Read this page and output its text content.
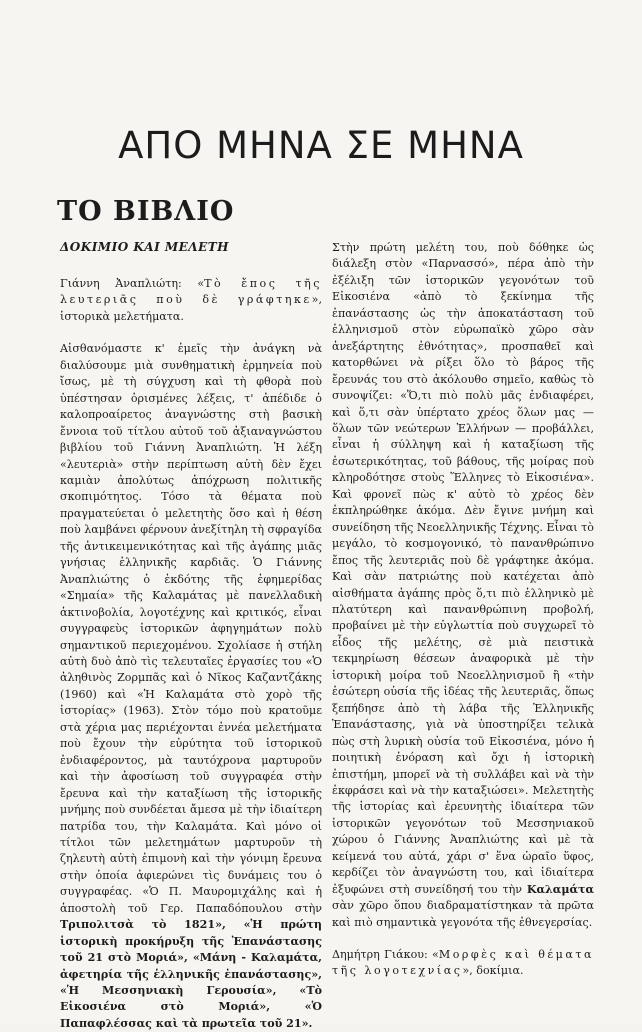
ΑΠΟ ΜΗΝΑ ΣΕ ΜΗΝΑ
ΤΟ ΒΙΒΛΙΟ
ΔΟΚΙΜΙΟ ΚΑΙ ΜΕΛΕΤΗ

Γιάννη Ἀναπλιώτη: «Τὸ ἔπος τῆς λευτεριᾶς ποὺ δὲ γράφτηκε», ἱστορικὰ μελετήματα.

Αἰσθανόμαστε κ' ἐμεῖς τὴν ἀνάγκη νὰ διαλύσουμε μιὰ συνθηματικὴ ἑρμηνεία ποὺ ἴσως, μὲ τὴ σύγχυση καὶ τὴ φθορὰ ποὺ ὑπέστησαν ὁρισμένες λέξεις, τ' ἀπέδιδε ὁ καλοπροαίρετος ἀναγνώστης στὴ βασικὴ ἔννοια τοῦ τίτλου αὐτοῦ τοῦ ἀξιαναγνώστου βιβλίου τοῦ Γιάννη Ἀναπλιώτη. Ἡ λέξη «λευτεριὰ» στὴν περίπτωση αὐτὴ δὲν ἔχει καμιὰν ἀπολύτως ἀπόχρωση πολιτικῆς σκοπιμότητος. Τόσο τὰ θέματα ποὺ πραγματεύεται ὁ μελετητὴς ὅσο καὶ ἡ θέση ποὺ λαμβάνει φέρνουν ἀνεξίτηλη τὴ σφραγίδα τῆς ἀντικειμενικότητας καὶ τῆς ἀγάπης μιᾶς γνήσιας ἑλληνικῆς καρδιᾶς. Ὁ Γιάννης Ἀναπλιώτης ὁ ἐκδότης τῆς ἐφημερίδας «Σημαία» τῆς Καλαμάτας μὲ πανελλαδικὴ ἀκτινοβολία, λογοτέχνης καὶ κριτικός, εἶναι συγγραφεὺς ἱστορικῶν ἀφηγημάτων πολὺ σημαντικοῦ περιεχομένου. Σχολίασε ἡ στήλη αὐτὴ δυὸ ἀπὸ τὶς τελευταῖες ἐργασίες του «Ὁ ἀληθινὸς Ζορμπᾶς καὶ ὁ Νῖκος Καζαντζάκης (1960) καὶ «Ἡ Καλαμάτα στὸ χορὸ τῆς ἱστορίας» (1963). Στὸν τόμο ποὺ κρατοῦμε στὰ χέρια μας περιέχονται ἐννέα μελετήματα ποὺ ἔχουν τὴν εὐρύτητα τοῦ ἱστορικοῦ ἐνδιαφέροντος, μὰ ταυτόχρονα μαρτυροῦν καὶ τὴν ἀφοσίωση τοῦ συγγραφέα στὴν ἔρευνα καὶ τὴν καταξίωση τῆς ἱστορικῆς μνήμης ποὺ συνδέεται ἄμεσα μὲ τὴν ἰδιαίτερη πατρίδα του, τὴν Καλαμάτα. Καὶ μόνο οἱ τίτλοι τῶν μελετημάτων μαρτυροῦν τὴ ζηλευτὴ αὐτὴ ἐπιμονὴ καὶ τὴν γόνιμη ἔρευνα στὴν ὁποία ἀφιερώνει τὶς δυνάμεις του ὁ συγγραφέας. «Ὁ Π. Μαυρομιχάλης καὶ ἡ ἀποστολὴ τοῦ Γερ. Παπαδόπουλου στὴν Τριπολιτσὰ τὸ 1821», «Ἡ πρώτη ἱστορικὴ προκήρυξη τῆς Ἐπανάστασης τοῦ 21 στὸ Μοριά», «Μάνη - Καλαμάτα, ἀφετηρία τῆς ἑλληνικῆς ἐπανάστασης», «Ἡ Μεσσηνιακὴ Γερουσία», «Τὸ Εἰκοσιένα στὸ Μοριά», «Ὁ Παπαφλέσσας καὶ τὰ πρωτεῖα τοῦ 21».

Στὴν πρώτη μελέτη του, ποὺ δόθηκε ὡς διάλεξη στὸν «Παρνασσό», πέρα ἀπὸ τὴν ἐξέλιξη τῶν ἱστορικῶν γεγονότων τοῦ Εἰκοσιένα «ἀπὸ τὸ ξεκίνημα τῆς ἐπανάστασης ὡς τὴν ἀποκατάσταση τοῦ ἑλληνισμοῦ στὸν εὐρωπαϊκὸ χῶρο σὰν ἀνεξάρτητης ἐθνότητας», προσπαθεῖ καὶ κατορθώνει νὰ ρίξει ὅλο τὸ βάρος τῆς ἔρευνάς του στὸ ἀκόλουθο σημεῖο, καθὼς τὸ συνοψίζει: «Ὅ,τι πιὸ πολὺ μᾶς ἐνδιαφέρει, καὶ ὅ,τι σὰν ὑπέρτατο χρέος ὅλων μας — ὅλων τῶν νεώτερων Ἑλλήνων — προβάλλει, εἶναι ἡ σύλληψη καὶ ἡ καταξίωση τῆς ἐσωτερικότητας, τοῦ βάθους, τῆς μοίρας ποὺ κληροδότησε στοὺς Ἕλληνες τὸ Εἰκοσιένα». Καὶ φρονεῖ πὼς κ' αὐτὸ τὸ χρέος δὲν ἐκπληρώθηκε ἀκόμα. Δὲν ἔγινε μνήμη καὶ συνείδηση τῆς Νεοελληνικῆς Τέχνης. Εἶναι τὸ μεγάλο, τὸ κοσμογονικό, τὸ πανανθρώπινο ἔπος τῆς λευτεριᾶς ποὺ δὲ γράφτηκε ἀκόμα. Καὶ σὰν πατριώτης ποὺ κατέχεται ἀπὸ αἰσθήματα ἀγάπης πρὸς ὅ,τι πιὸ ἑλληνικὸ μὲ πλατύτερη καὶ πανανθρώπινη προβολή, προβαίνει μὲ τὴν εὐγλωττία ποὺ συγχωρεῖ τὸ εἶδος τῆς μελέτης, σὲ μιὰ πειστικὰ τεκμηρίωση θέσεων ἀναφορικὰ μὲ τὴν ἱστορικὴ μοίρα τοῦ Νεοελληνισμοῦ ἢ «τὴν ἐσώτερη οὐσία τῆς ἰδέας τῆς λευτεριᾶς, ὅπως ξεπήδησε ἀπὸ τὴ λάβα τῆς Ἑλληνικῆς Ἐπανάστασης, γιὰ νὰ ὑποστηρίξει τελικὰ πὼς στὴ λυρικὴ οὐσία τοῦ Εἰκοσιένα, μόνο ἡ ποιητικὴ ἐνόραση καὶ ὄχι ἡ ἱστορικὴ ἐπιστήμη, μπορεῖ νὰ τὴ συλλάβει καὶ νὰ τὴν ἐκφράσει καὶ νὰ τὴν καταξιώσει». Μελετητὴς τῆς ἱστορίας καὶ ἐρευνητὴς ἰδιαίτερα τῶν ἱστορικῶν γεγονότων τοῦ Μεσσηνιακοῦ χώρου ὁ Γιάννης Ἀναπλιώτης καὶ μὲ τὰ κείμενά του αὐτά, χάρι σ' ἕνα ὡραῖο ὕφος, κερδίζει τὸν ἀναγνώστη του, καὶ ἰδιαίτερα ἐξυφώνει στὴ συνείδησή του τὴν Καλαμάτα σὰν χῶρο ὅπου διαδραματίστηκαν τὰ πρῶτα καὶ πιὸ σημαντικὰ γεγονότα τῆς ἐθνεγερσίας.

Δημήτρη Γιάκου: «Μορφὲς καὶ θέματα τῆς λογοτεχνίας», δοκίμια.
